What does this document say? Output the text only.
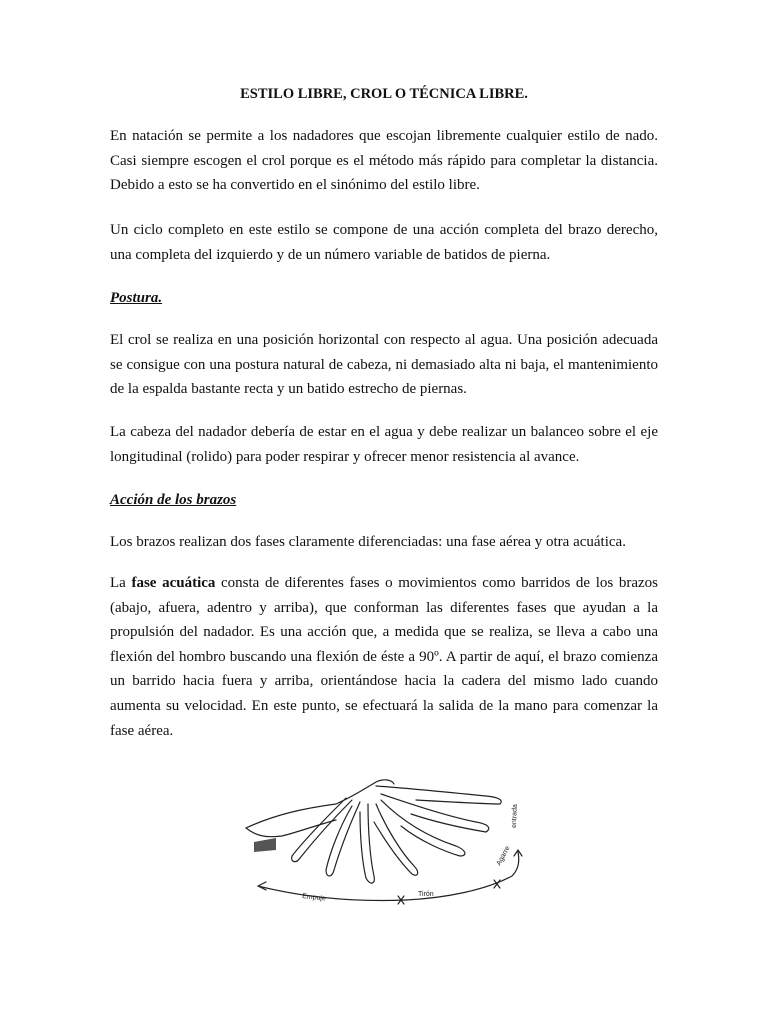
ESTILO LIBRE, CROL O TÉCNICA LIBRE.

En natación se permite a los nadadores que escojan libremente cualquier estilo de nado. Casi siempre escogen el crol porque es el método más rápido para completar la distancia. Debido a esto se ha convertido en el sinónimo del estilo libre.

Un ciclo completo en este estilo se compone de una acción completa del brazo derecho, una completa del izquierdo y de un número variable de batidos de pierna.

Postura.

El crol se realiza en una posición horizontal con respecto al agua. Una posición adecuada se consigue con una postura natural de cabeza, ni demasiado alta ni baja, el mantenimiento de la espalda bastante recta y un batido estrecho de piernas.

La cabeza del nadador debería de estar en el agua y debe realizar un balanceo sobre el eje longitudinal (rolido) para poder respirar y ofrecer menor resistencia al avance.

Acción de los brazos

Los brazos realizan dos fases claramente diferenciadas: una fase aérea y otra acuática.

La fase acuática consta de diferentes fases o movimientos como barridos de los brazos (abajo, afuera, adentro y arriba), que conforman las diferentes fases que ayudan a la propulsión del nadador. Es una acción que, a medida que se realiza, se lleva a cabo una flexión del hombro buscando una flexión de éste a 90º. A partir de aquí, el brazo comienza un barrido hacia fuera y arriba, orientándose hacia la cadera del mismo lado cuando aumenta su velocidad. En este punto, se efectuará la salida de la mano para comenzar la fase aérea.

Empuje	Tirón
Agarre
entrada
